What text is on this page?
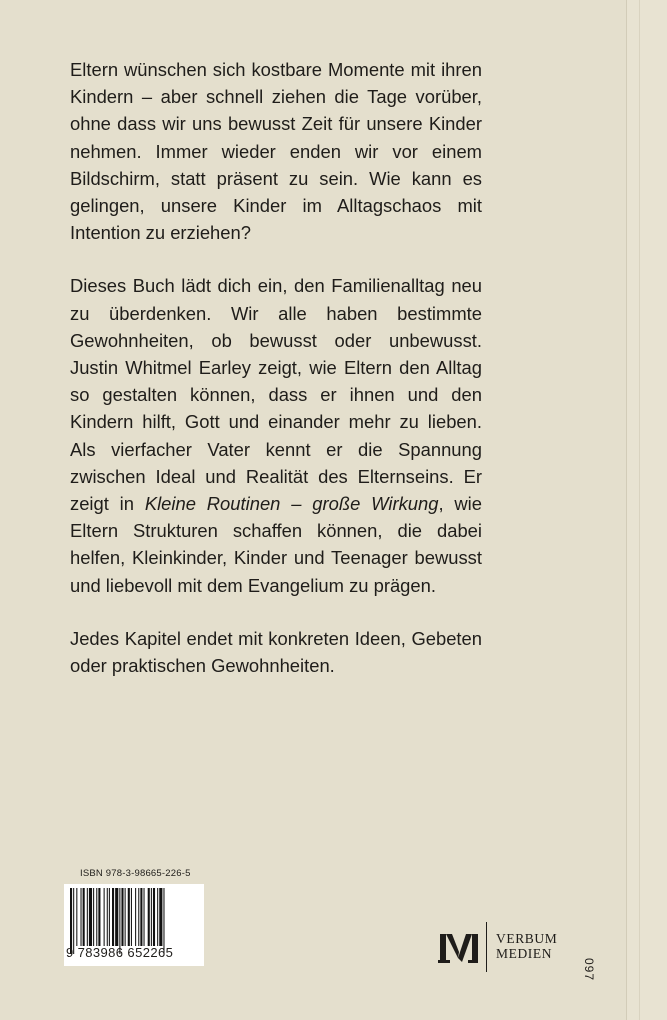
Eltern wünschen sich kostbare Momente mit ihren Kindern – aber schnell ziehen die Tage vorüber, ohne dass wir uns bewusst Zeit für unsere Kinder nehmen. Immer wieder enden wir vor einem Bildschirm, statt präsent zu sein. Wie kann es gelingen, unsere Kinder im Alltagschaos mit Intention zu erziehen?

Dieses Buch lädt dich ein, den Familienalltag neu zu überdenken. Wir alle haben bestimmte Gewohnheiten, ob bewusst oder unbewusst. Justin Whitmel Earley zeigt, wie Eltern den Alltag so gestalten können, dass er ihnen und den Kindern hilft, Gott und einander mehr zu lieben. Als vierfacher Vater kennt er die Spannung zwischen Ideal und Realität des Elternseins. Er zeigt in Kleine Routinen – große Wirkung, wie Eltern Strukturen schaffen können, die dabei helfen, Kleinkinder, Kinder und Teenager bewusst und liebevoll mit dem Evangelium zu prägen.

Jedes Kapitel endet mit konkreten Ideen, Gebeten oder praktischen Gewohnheiten.

ISBN 978-3-98665-226-5
9 783986 652265
VERBUM
MEDIEN
097
